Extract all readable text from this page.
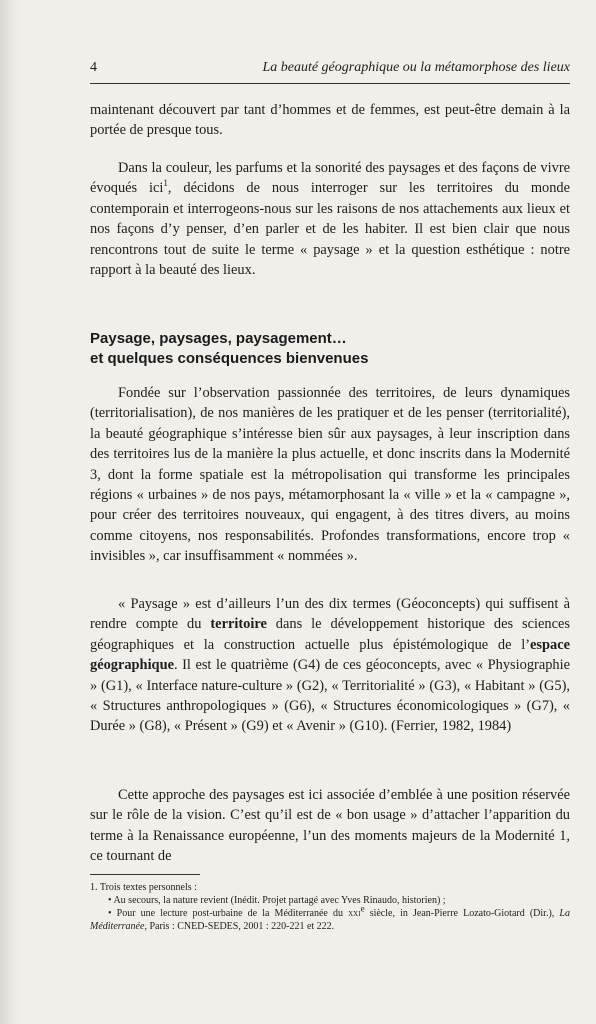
4	La beauté géographique ou la métamorphose des lieux

maintenant découvert par tant d’hommes et de femmes, est peut-être demain à la portée de presque tous.

Dans la couleur, les parfums et la sonorité des paysages et des façons de vivre évoqués ici$^1$, décidons de nous interroger sur les territoires du monde contemporain et interrogeons-nous sur les raisons de nos attachements aux lieux et nos façons d’y penser, d’en parler et de les habiter. Il est bien clair que nous rencontrons tout de suite le terme « paysage » et la question esthétique : notre rapport à la beauté des lieux.

Paysage, paysages, paysagement…
et quelques conséquences bienvenues

Fondée sur l’observation passionnée des territoires, de leurs dynamiques (territorialisation), de nos manières de les pratiquer et de les penser (territorialité), la beauté géographique s’intéresse bien sûr aux paysages, à leur inscription dans des territoires lus de la manière la plus actuelle, et donc inscrits dans la Modernité 3, dont la forme spatiale est la métropolisation qui transforme les principales régions « urbaines » de nos pays, métamorphosant la « ville » et la « campagne », pour créer des territoires nouveaux, qui engagent, à des titres divers, au moins comme citoyens, nos responsabilités. Profondes transformations, encore trop « invisibles », car insuffisamment « nommées ».

« Paysage » est d’ailleurs l’un des dix termes (Géoconcepts) qui suffisent à rendre compte du territoire dans le développement historique des sciences géographiques et la construction actuelle plus épistémologique de l’espace géographique. Il est le quatrième (G4) de ces géoconcepts, avec « Physiographie » (G1), « Interface nature-culture » (G2), « Territorialité » (G3), « Habitant » (G5), « Structures anthropologiques » (G6), « Structures économicologiques » (G7), « Durée » (G8), « Présent » (G9) et « Avenir » (G10). (Ferrier, 1982, 1984)

Cette approche des paysages est ici associée d’emblée à une position réservée sur le rôle de la vision. C’est qu’il est de « bon usage » d’attacher l’apparition du terme à la Renaissance européenne, l’un des moments majeurs de la Modernité 1, ce tournant de

1. Trois textes personnels :
• Au secours, la nature revient (Inédit. Projet partagé avec Yves Rinaudo, historien) ;
• Pour une lecture post-urbaine de la Méditerranée du xxi$^e$ siècle, in Jean-Pierre Lozato-Giotard (Dir.), La Méditerranée, Paris : CNED-SEDES, 2001 : 220-221 et 222.
